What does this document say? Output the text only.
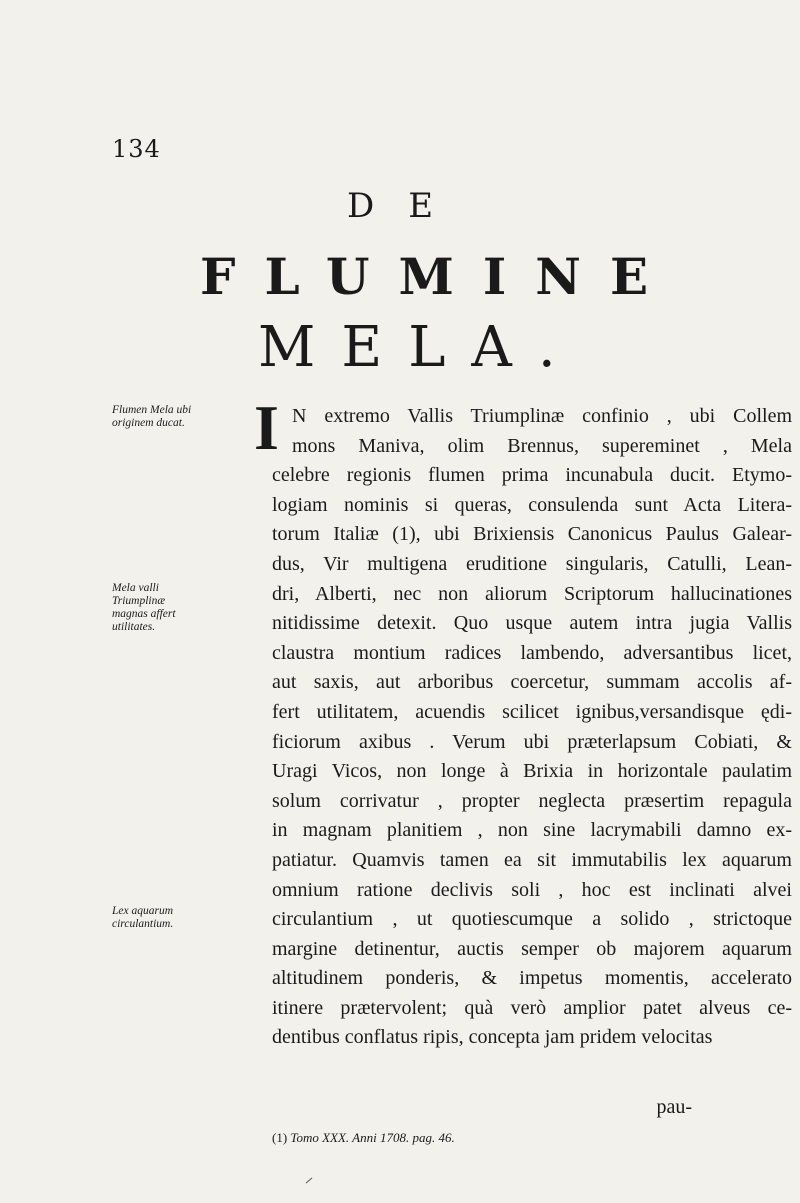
134
DE
FLUMINE
MELA.
I N extremo Vallis Triumplinæ confinio , ubi Collem
mons Maniva, olim Brennus, supereminet , Mela
celebre regionis flumen prima incunabula ducit. Etymo-
logiam nominis si queras, consulenda sunt Acta Litera-
torum Italiæ (1), ubi Brixiensis Canonicus Paulus Galear-
dus, Vir multigena eruditione singularis, Catulli, Lean-
dri, Alberti, nec non aliorum Scriptorum hallucinationes
nitidissime detexit. Quo usque autem intra jugia Vallis
claustra montium radices lambendo, adversantibus licet,
aut saxis, aut arboribus coercetur, summam accolis af-
fert utilitatem, acuendis scilicet ignibus,versandisque ędi-
ficiorum axibus . Verum ubi præterlapsum Cobiati, &
Uragi Vicos, non longe à Brixia in horizontale paulatim
solum corrivatur , propter neglecta præsertim repagula
in magnam planitiem , non sine lacrymabili damno ex-
patiatur. Quamvis tamen ea sit immutabilis lex aquarum
omnium ratione declivis soli , hoc est inclinati alvei
circulantium , ut quotiescumque a solido , strictoque
margine detinentur, auctis semper ob majorem aquarum
altitudinem ponderis, & impetus momentis, accelerato
itinere prætervolent; quà verò amplior patet alveus ce-
dentibus conflatus ripis, concepta jam pridem velocitas
pau-
Flumen Mela ubi originem ducat.
Mela valli Triumplinæ magnas affert utilitates.
Lex aquarum circulantium.
(1) Tomo XXX. Anni 1708. pag. 46.
